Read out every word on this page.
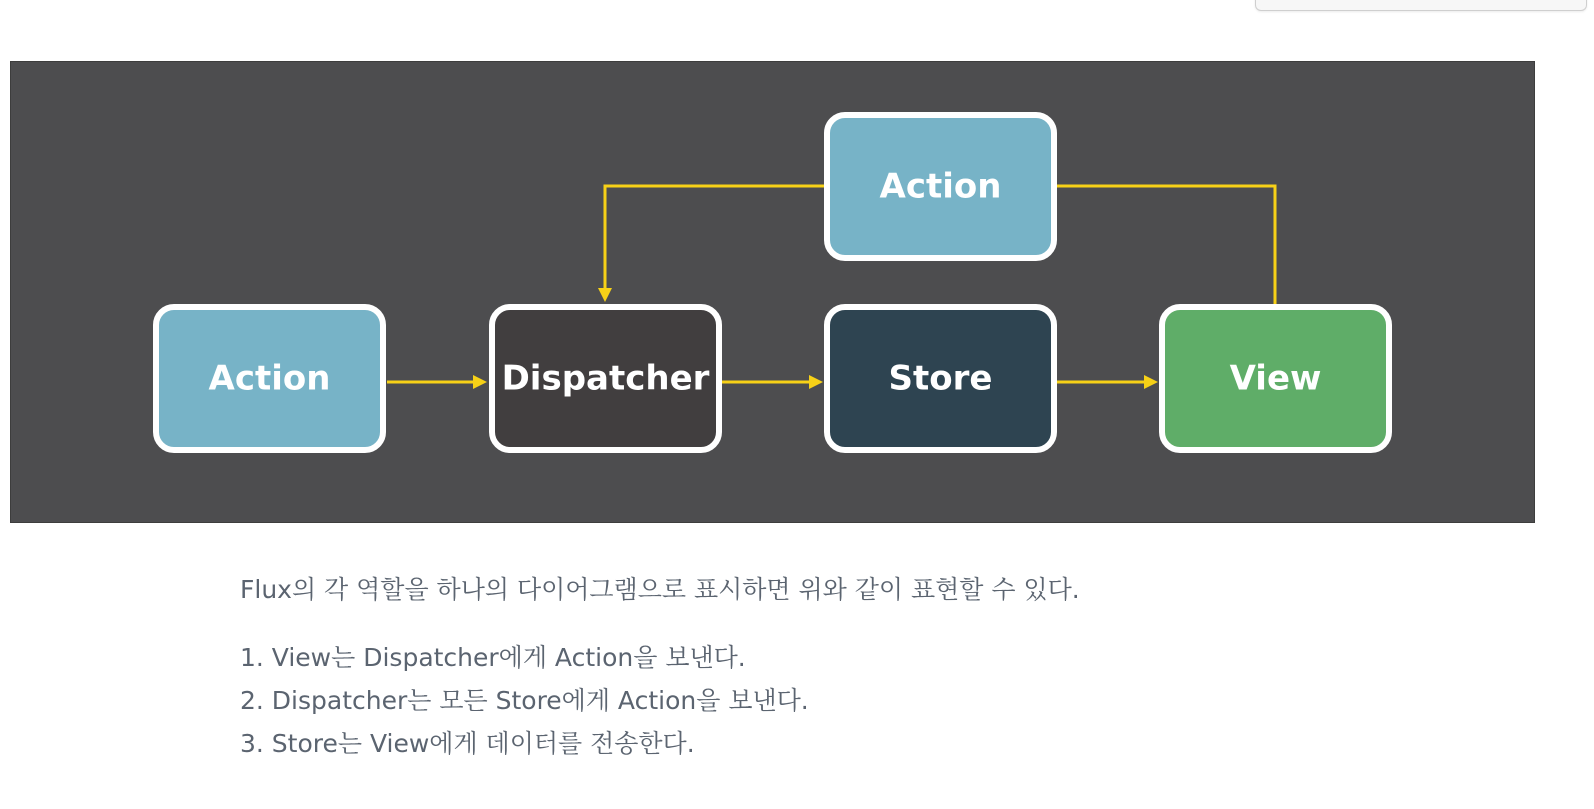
Action
Action	Dispatcher	Store	View

Flux의 각 역할을 하나의 다이어그램으로 표시하면 위와 같이 표현할 수 있다.

1. View는 Dispatcher에게 Action을 보낸다.
2. Dispatcher는 모든 Store에게 Action을 보낸다.
3. Store는 View에게 데이터를 전송한다.
